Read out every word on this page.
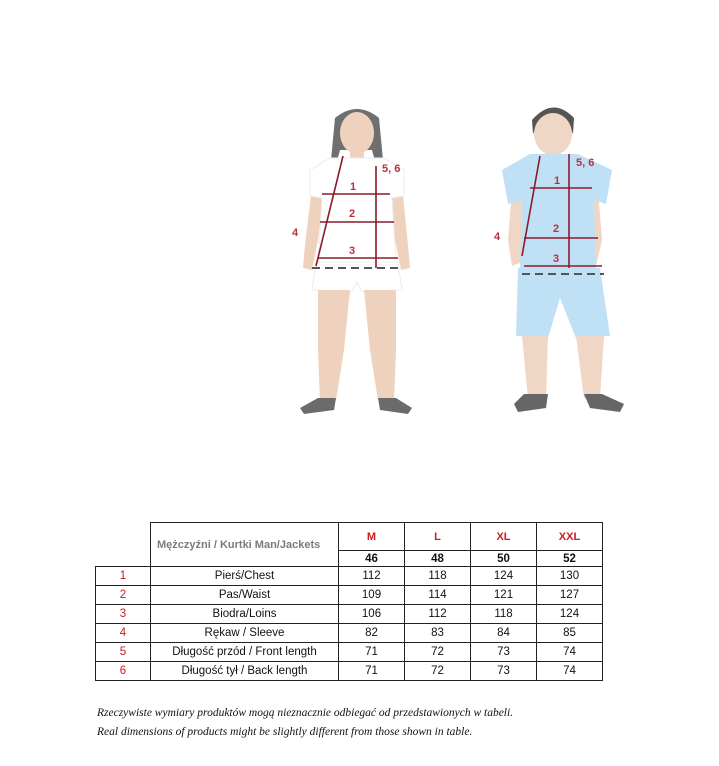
1
2
3
4
5, 6
1
2
3
4
5, 6
	Mężczyźni / Kurtki Man/Jackets	M	L	XL	XXL
		46	48	50	52
1	Pierś/Chest	112	118	124	130
2	Pas/Waist	109	114	121	127
3	Biodra/Loins	106	112	118	124
4	Rękaw / Sleeve	82	83	84	85
5	Długość przód / Front length	71	72	73	74
6	Długość tył / Back length	71	72	73	74
Rzeczywiste wymiary produktów mogą nieznacznie odbiegać od przedstawionych w tabeli.
Real dimensions of products might be slightly different from those shown in table.
